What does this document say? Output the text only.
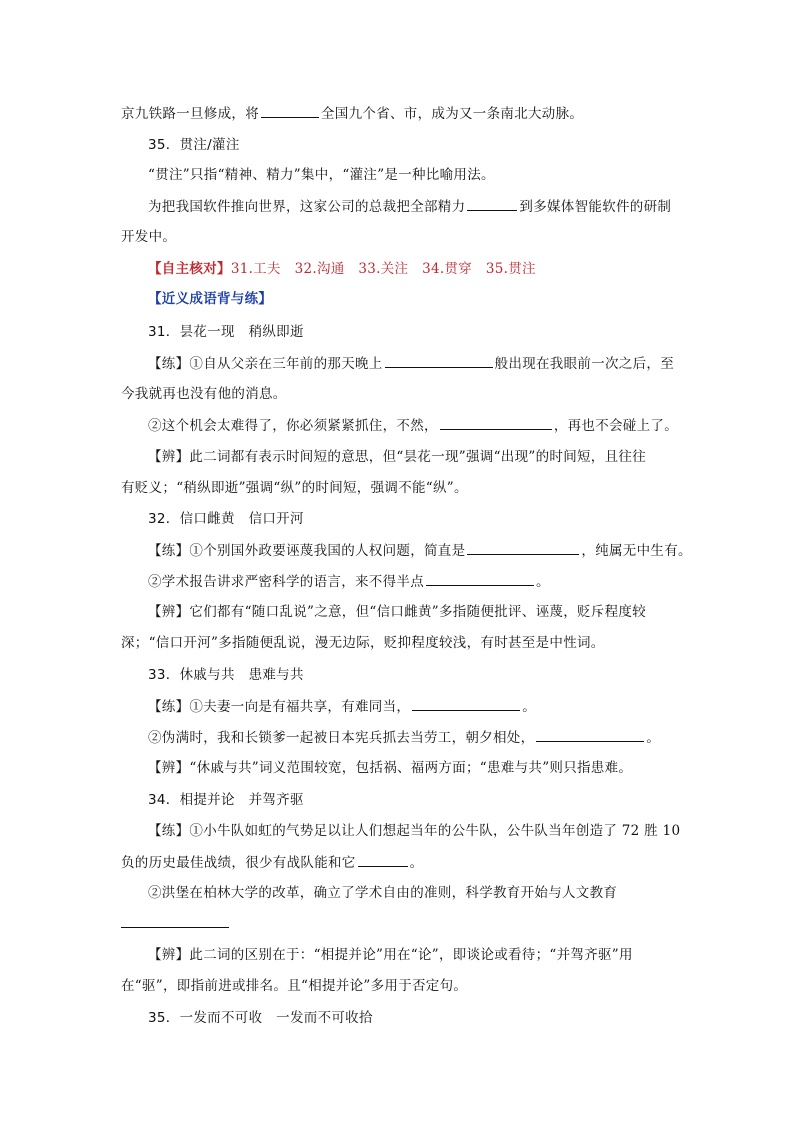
京九铁路一旦修成，将	全国九个省、市，成为又一条南北大动脉。
35．贯注/灌注
“贯注”只指“精神、精力”集中，“灌注”是一种比喻用法。
为把我国软件推向世界，这家公司的总裁把全部精力	到多媒体智能软件的研制
开发中。
【自主核对】31.工夫　32.沟通　33.关注　34.贯穿　35.贯注
【近义成语背与练】
31．昙花一现　稍纵即逝
【练】①自从父亲在三年前的那天晚上	般出现在我眼前一次之后，至
今我就再也没有他的消息。
②这个机会太难得了，你必须紧紧抓住，不然，	，再也不会碰上了。
【辨】此二词都有表示时间短的意思，但“昙花一现”强调“出现”的时间短，且往往
有贬义；“稍纵即逝”强调“纵”的时间短，强调不能“纵”。
32．信口雌黄　信口开河
【练】①个别国外政要诬蔑我国的人权问题，简直是	，纯属无中生有。
②学术报告讲求严密科学的语言，来不得半点	。
【辨】它们都有“随口乱说”之意，但“信口雌黄”多指随便批评、诬蔑，贬斥程度较
深；“信口开河”多指随便乱说，漫无边际，贬抑程度较浅，有时甚至是中性词。
33．休戚与共　患难与共
【练】①夫妻一向是有福共享，有难同当，	。
②伪满时，我和长锁爹一起被日本宪兵抓去当劳工，朝夕相处，	。
【辨】“休戚与共”词义范围较宽，包括祸、福两方面；“患难与共”则只指患难。
34．相提并论　并驾齐驱
【练】①小牛队如虹的气势足以让人们想起当年的公牛队，公牛队当年创造了 72 胜 10
负的历史最佳战绩，很少有战队能和它	。
②洪堡在柏林大学的改革，确立了学术自由的准则，科学教育开始与人文教育
【辨】此二词的区别在于：“相提并论”用在“论”，即谈论或看待；“并驾齐驱”用
在“驱”，即指前进或排名。且“相提并论”多用于否定句。
35．一发而不可收　一发而不可收拾
